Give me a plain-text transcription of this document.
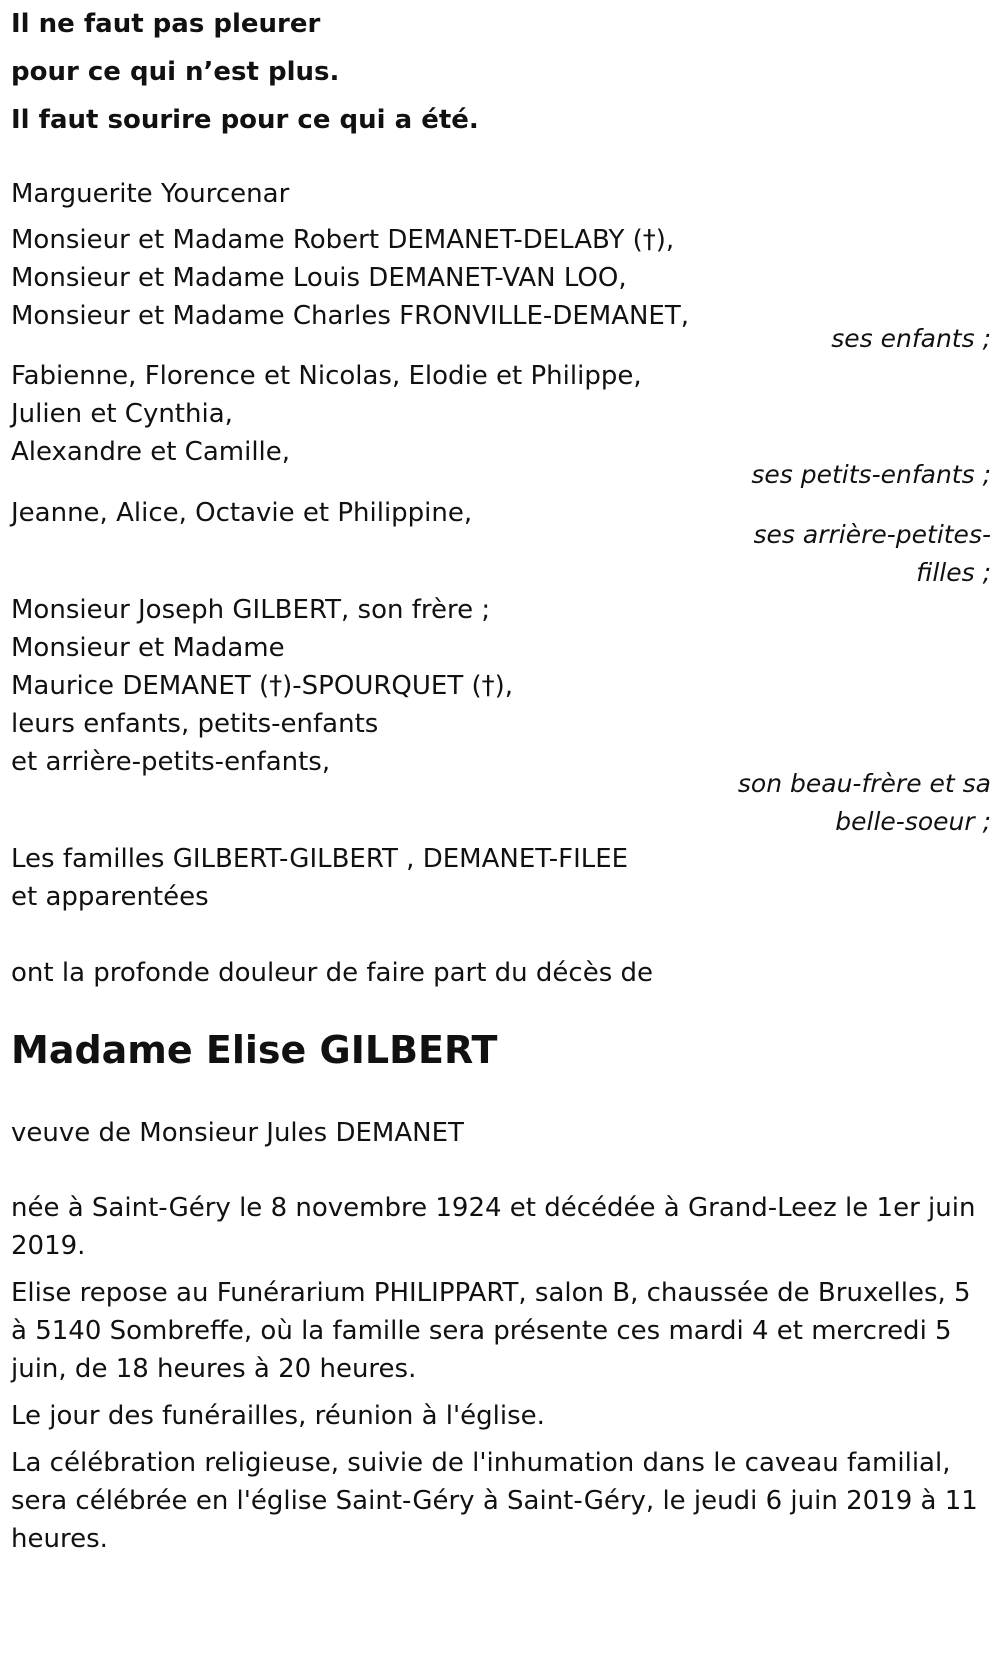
Il ne faut pas pleurer
pour ce qui n’est plus.
Il faut sourire pour ce qui a été.
Marguerite Yourcenar
Monsieur et Madame Robert DEMANET-DELABY (†),
Monsieur et Madame Louis DEMANET-VAN LOO,
Monsieur et Madame Charles FRONVILLE-DEMANET,
ses enfants ;
Fabienne, Florence et Nicolas, Elodie et Philippe,
Julien et Cynthia,
Alexandre et Camille,
ses petits-enfants ;
Jeanne, Alice, Octavie et Philippine,
ses arrière-petites-
filles ;
Monsieur Joseph GILBERT, son frère ;
Monsieur et Madame
Maurice DEMANET (†)-SPOURQUET (†),
leurs enfants, petits-enfants
et arrière-petits-enfants,
son beau-frère et sa
belle-soeur ;
Les familles GILBERT-GILBERT , DEMANET-FILEE
et apparentées
ont la profonde douleur de faire part du décès de
Madame Elise GILBERT
veuve de Monsieur Jules DEMANET
née à Saint-Géry le 8 novembre 1924 et décédée à Grand-Leez le 1er juin 2019.
Elise repose au Funérarium PHILIPPART, salon B, chaussée de Bruxelles, 5 à 5140 Sombreffe, où la famille sera présente ces mardi 4 et mercredi 5 juin, de 18 heures à 20 heures.
Le jour des funérailles, réunion à l'église.
La célébration religieuse, suivie de l'inhumation dans le caveau familial, sera célébrée en l'église Saint-Géry à Saint-Géry, le jeudi 6 juin 2019 à 11 heures.
